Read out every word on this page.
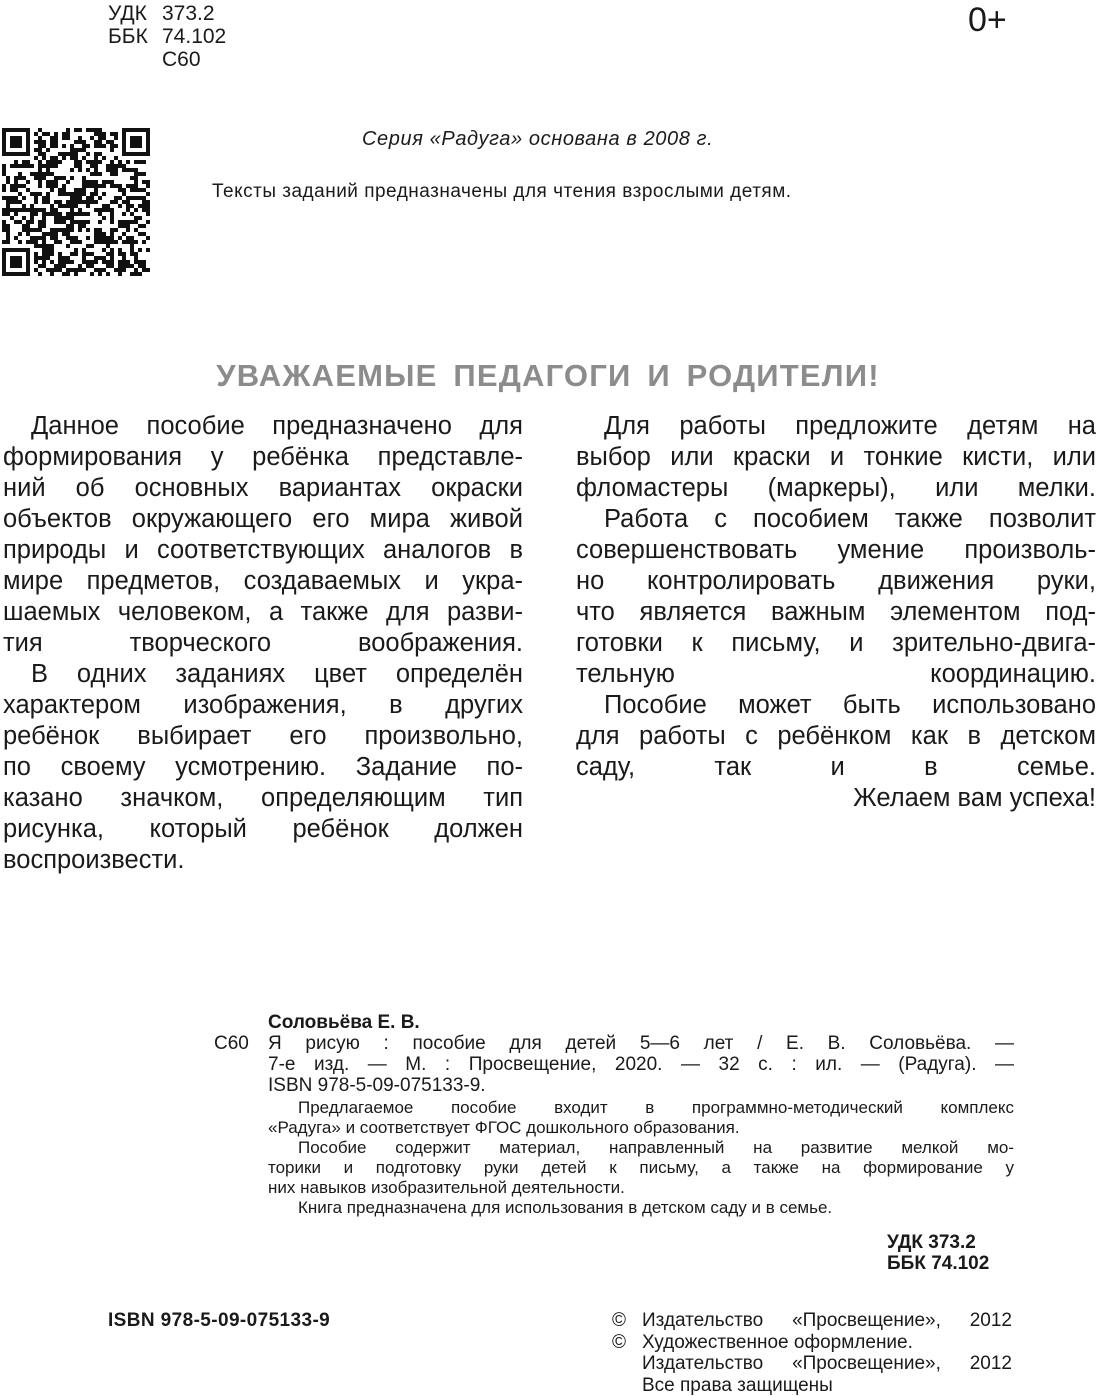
УДК 373.2
ББК 74.102
С60
0+
Серия «Радуга» основана в 2008 г.
Тексты заданий предназначены для чтения взрослыми детям.
УВАЖАЕМЫЕ ПЕДАГОГИ И РОДИТЕЛИ!

Данное пособие предназначено для
формирования у ребёнка представле-
ний об основных вариантах окраски
объектов окружающего его мира живой
природы и соответствующих аналогов в
мире предметов, создаваемых и укра-
шаемых человеком, а также для разви-
тия творческого воображения.

В одних заданиях цвет определён
характером изображения, в других
ребёнок выбирает его произвольно,
по своему усмотрению. Задание по-
казано значком, определяющим тип
рисунка, который ребёнок должен
воспроизвести.

Для работы предложите детям на
выбор или краски и тонкие кисти, или
фломастеры (маркеры), или мелки.

Работа с пособием также позволит
совершенствовать умение произволь-
но контролировать движения руки,
что является важным элементом под-
готовки к письму, и зрительно-двига-
тельную координацию.

Пособие может быть использовано
для работы с ребёнком как в детском
саду, так и в семье.

Желаем вам успеха!

Соловьёва Е. В.
С60	Я рисую : пособие для детей 5—6 лет / Е. В. Соловьёва. —
7-е изд. — М. : Просвещение, 2020. — 32 с. : ил. — (Радуга). —
ISBN 978-5-09-075133-9.

Предлагаемое пособие входит в программно-методический комплекс
«Радуга» и соответствует ФГОС дошкольного образования.

Пособие содержит материал, направленный на развитие мелкой мо-
торики и подготовку руки детей к письму, а также на формирование у
них навыков изобразительной деятельности.

Книга предназначена для использования в детском саду и в семье.

УДК 373.2
ББК 74.102
ISBN 978-5-09-075133-9	© Издательство «Просвещение», 2012
© Художественное оформление.
Издательство «Просвещение», 2012
Все права защищены
